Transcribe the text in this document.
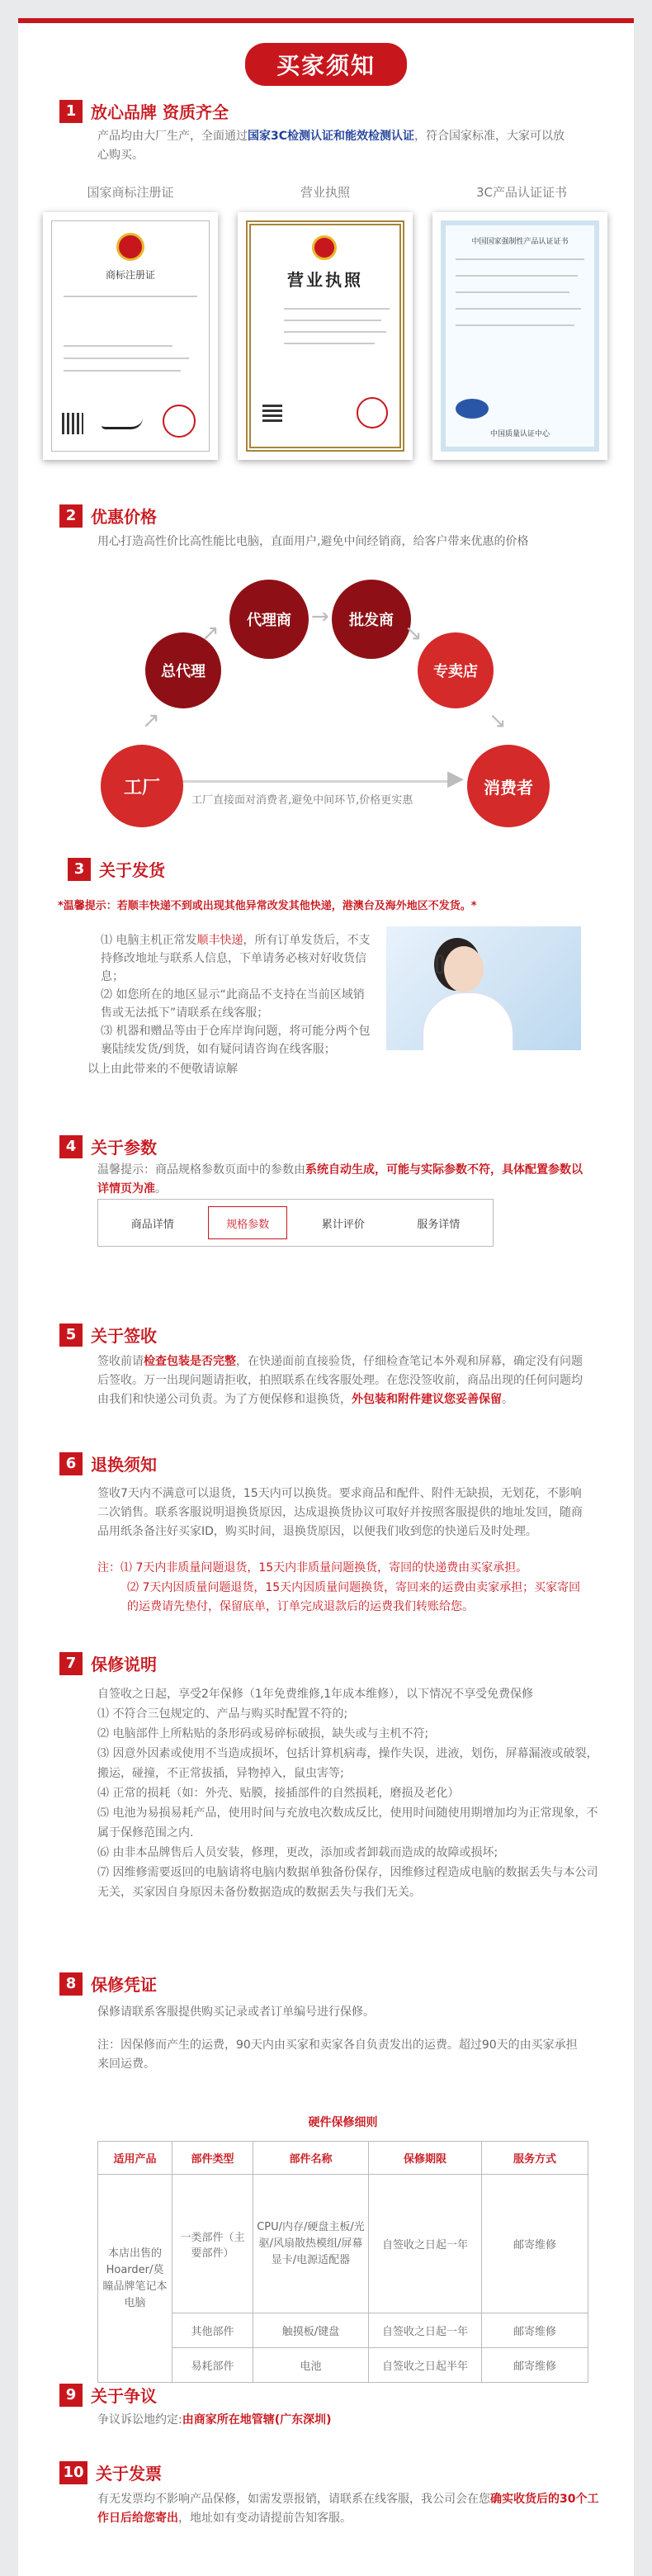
买家须知
1 放心品牌 资质齐全
产品均由大厂生产，全面通过国家3C检测认证和能效检测认证，符合国家标准，大家可以放心购买。
国家商标注册证	营业执照	3C产品认证证书
商标注册证	营业执照
中国国家强制性产品认证证书
中国质量认证中心
2 优惠价格
用心打造高性价比高性能比电脑，直面用户,避免中间经销商，给客户带来优惠的价格
工厂
总代理
代理商	批发商
专卖店
消费者
↗
↗
→
↘
↘
▶
工厂直接面对消费者,避免中间环节,价格更实惠
3 关于发货
*温馨提示：若顺丰快递不到或出现其他异常改发其他快递，港澳台及海外地区不发货。*

⑴ 电脑主机正常发顺丰快递，所有订单发货后，不支持修改地址与联系人信息，下单请务必核对好收货信息；

⑵ 如您所在的地区显示“此商品不支持在当前区域销售或无法抵下”请联系在线客服；

⑶ 机器和赠品等由于仓库岸询问题，将可能分两个包裹陆续发货/到货，如有疑问请咨询在线客服；

以上由此带来的不便敬请谅解
4 关于参数
温馨提示：商品规格参数页面中的参数由系统自动生成，可能与实际参数不符，具体配置参数以详情页为准。
商品详情	规格参数	累计评价	服务详情
5 关于签收
签收前请检查包装是否完整，在快递面前直接验货，仔细检查笔记本外观和屏幕，确定没有问题后签收。万一出现问题请拒收，拍照联系在线客服处理。在您没签收前，商品出现的任何问题均由我们和快递公司负责。为了方便保修和退换货，外包装和附件建议您妥善保留。
6 退换须知
签收7天内不满意可以退货，15天内可以换货。要求商品和配件、附件无缺损，无划花，不影响二次销售。联系客服说明退换货原因，达成退换货协议可取好并按照客服提供的地址发回，随商品用纸条备注好买家ID，购买时间，退换货原因，以便我们收到您的快递后及时处理。
注：⑴ 7天内非质量问题退货，15天内非质量问题换货，寄回的快递费由买家承担。
⑵ 7天内因质量问题退货，15天内因质量问题换货，寄回来的运费由卖家承担；买家寄回的运费请先垫付，保留底单，订单完成退款后的运费我们转账给您。
7 保修说明

自签收之日起，享受2年保修（1年免费维修,1年成本维修），以下情况不享受免费保修

⑴ 不符合三包规定的、产品与购买时配置不符的;

⑵ 电脑部件上所粘贴的条形码或易碎标破损，缺失或与主机不符;

⑶ 因意外因素或使用不当造成损坏，包括计算机病毒，操作失误，进液，划伤，屏幕漏液或破裂，搬运，碰撞，不正常拔插，异物掉入，鼠虫害等;

⑷ 正常的损耗（如：外壳、贴膜，接插部件的自然损耗，磨损及老化）

⑸ 电池为易损易耗产品，使用时间与充放电次数成反比，使用时间随使用期增加均为正常现象，不属于保修范围之内.

⑹ 由非本品牌售后人员安装，修理，更改，添加或者卸载而造成的故障或损坏;

⑺ 因维修需要返回的电脑请将电脑内数据单独备份保存，因维修过程造成电脑的数据丢失与本公司无关，买家因自身原因未备份数据造成的数据丢失与我们无关。

8 保修凭证
保修请联系客服提供购买记录或者订单编号进行保修。
注：因保修而产生的运费，90天内由买家和卖家各自负责发出的运费。超过90天的由买家承担来回运费。
硬件保修细则
适用产品	部件类型	部件名称	保修期限	服务方式
本店出售的Hoarder/莫瞳品牌笔记本电脑	一类部件（主要部件）	CPU/内存/硬盘主板/光驱/风扇散热模组/屏幕显卡/电源适配器	自签收之日起一年	邮寄维修
	其他部件	触摸板/键盘	自签收之日起一年	邮寄维修
	易耗部件	电池	自签收之日起半年	邮寄维修
9 关于争议
争议诉讼地约定:由商家所在地管辖(广东深圳)
10 关于发票
有无发票均不影响产品保修，如需发票报销，请联系在线客服，我公司会在您确实收货后的30个工作日后给您寄出，地址如有变动请提前告知客服。
